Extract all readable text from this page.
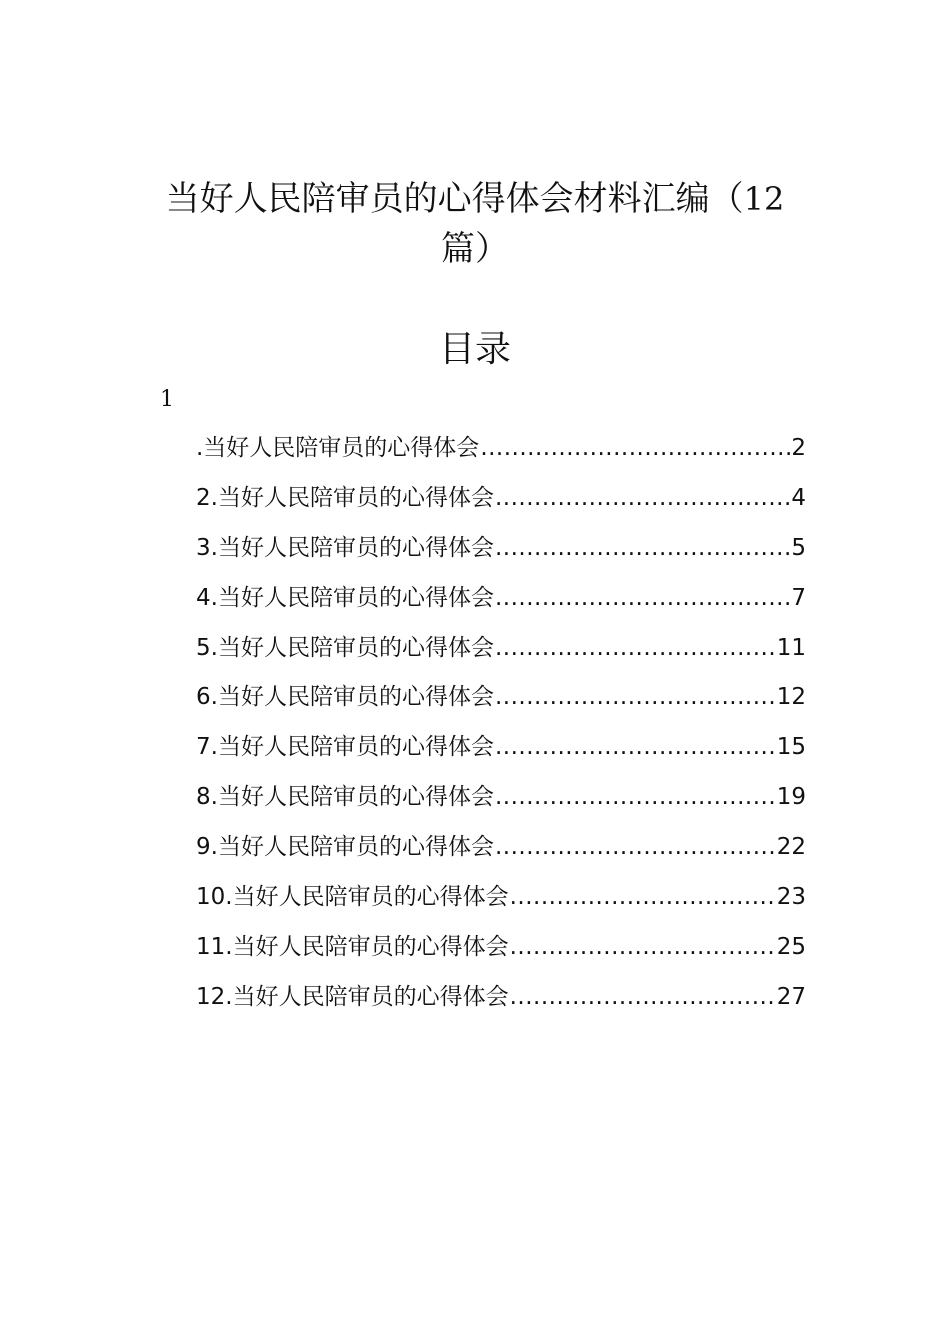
当好人民陪审员的心得体会材料汇编（12
篇）
目录
1
.当好人民陪审员的心得体会 .....	2
2.当好人民陪审员的心得体会 .....	4
3.当好人民陪审员的心得体会 .....	5
4.当好人民陪审员的心得体会 .....	7
5.当好人民陪审员的心得体会 .....	11
6.当好人民陪审员的心得体会 .....	12
7.当好人民陪审员的心得体会 .....	15
8.当好人民陪审员的心得体会 .....	19
9.当好人民陪审员的心得体会 .....	22
10.当好人民陪审员的心得体会 .....	23
11.当好人民陪审员的心得体会 .....	25
12.当好人民陪审员的心得体会 .....	27
